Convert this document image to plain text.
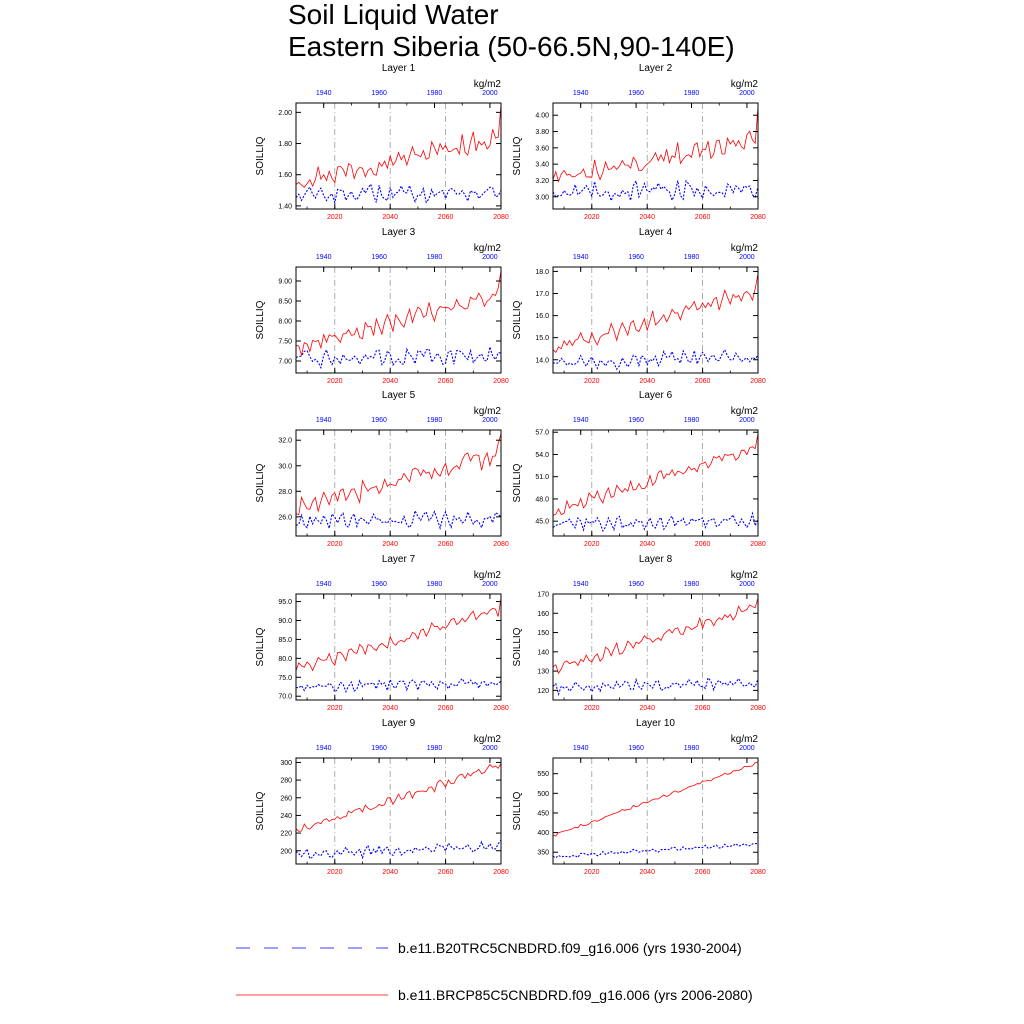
Soil Liquid Water
Eastern Siberia (50-66.5N,90-140E)
Layer 1
kg/m2
SOILLIQ
1.40
1.60
1.80
2.00
2020	2040	2060	2080
1940	1960	1980	2000
Layer 2
kg/m2
SOILLIQ
3.00
3.20
3.40
3.60
3.80
4.00
2020	2040	2060	2080
1940	1960	1980	2000
Layer 3
kg/m2
SOILLIQ
7.00
7.50
8.00
8.50
9.00
2020	2040	2060	2080
1940	1960	1980	2000
Layer 4
kg/m2
SOILLIQ
14.0
15.0
16.0
17.0
18.0
2020	2040	2060	2080
1940	1960	1980	2000
Layer 5
kg/m2
SOILLIQ
26.0
28.0
30.0
32.0
2020	2040	2060	2080
1940	1960	1980	2000
Layer 6
kg/m2
SOILLIQ
45.0
48.0
51.0
54.0
57.0
2020	2040	2060	2080
1940	1960	1980	2000
Layer 7
kg/m2
SOILLIQ
70.0
75.0
80.0
85.0
90.0
95.0
2020	2040	2060	2080
1940	1960	1980	2000
Layer 8
kg/m2
SOILLIQ
120
130
140
150
160
170
2020	2040	2060	2080
1940	1960	1980	2000
Layer 9
kg/m2
SOILLIQ
200
220
240
260
280
300
2020	2040	2060	2080
1940	1960	1980	2000
Layer 10
kg/m2
SOILLIQ
350
400
450
500
550
2020	2040	2060	2080
1940	1960	1980	2000
b.e11.B20TRC5CNBDRD.f09_g16.006 (yrs 1930-2004)
b.e11.BRCP85C5CNBDRD.f09_g16.006 (yrs 2006-2080)
